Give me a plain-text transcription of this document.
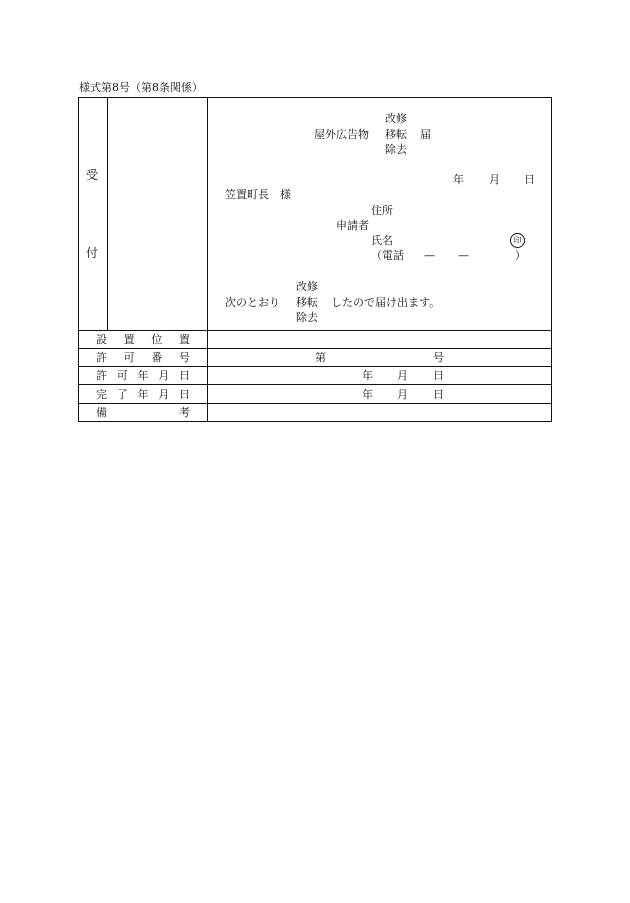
様式第8号（第8条関係）
受
付
改修
屋外広告物 移転 届
除去
年 月 日
笠置町長　様
住所
申請者
氏名	印
（電話 — —	）
改修
次のとおり 移転 したので届け出ます。
除去
設 置 位 置
許 可 番 号	第	号
許 可 年 月 日	年 月 日
完 了 年 月 日	年 月 日
備	考
